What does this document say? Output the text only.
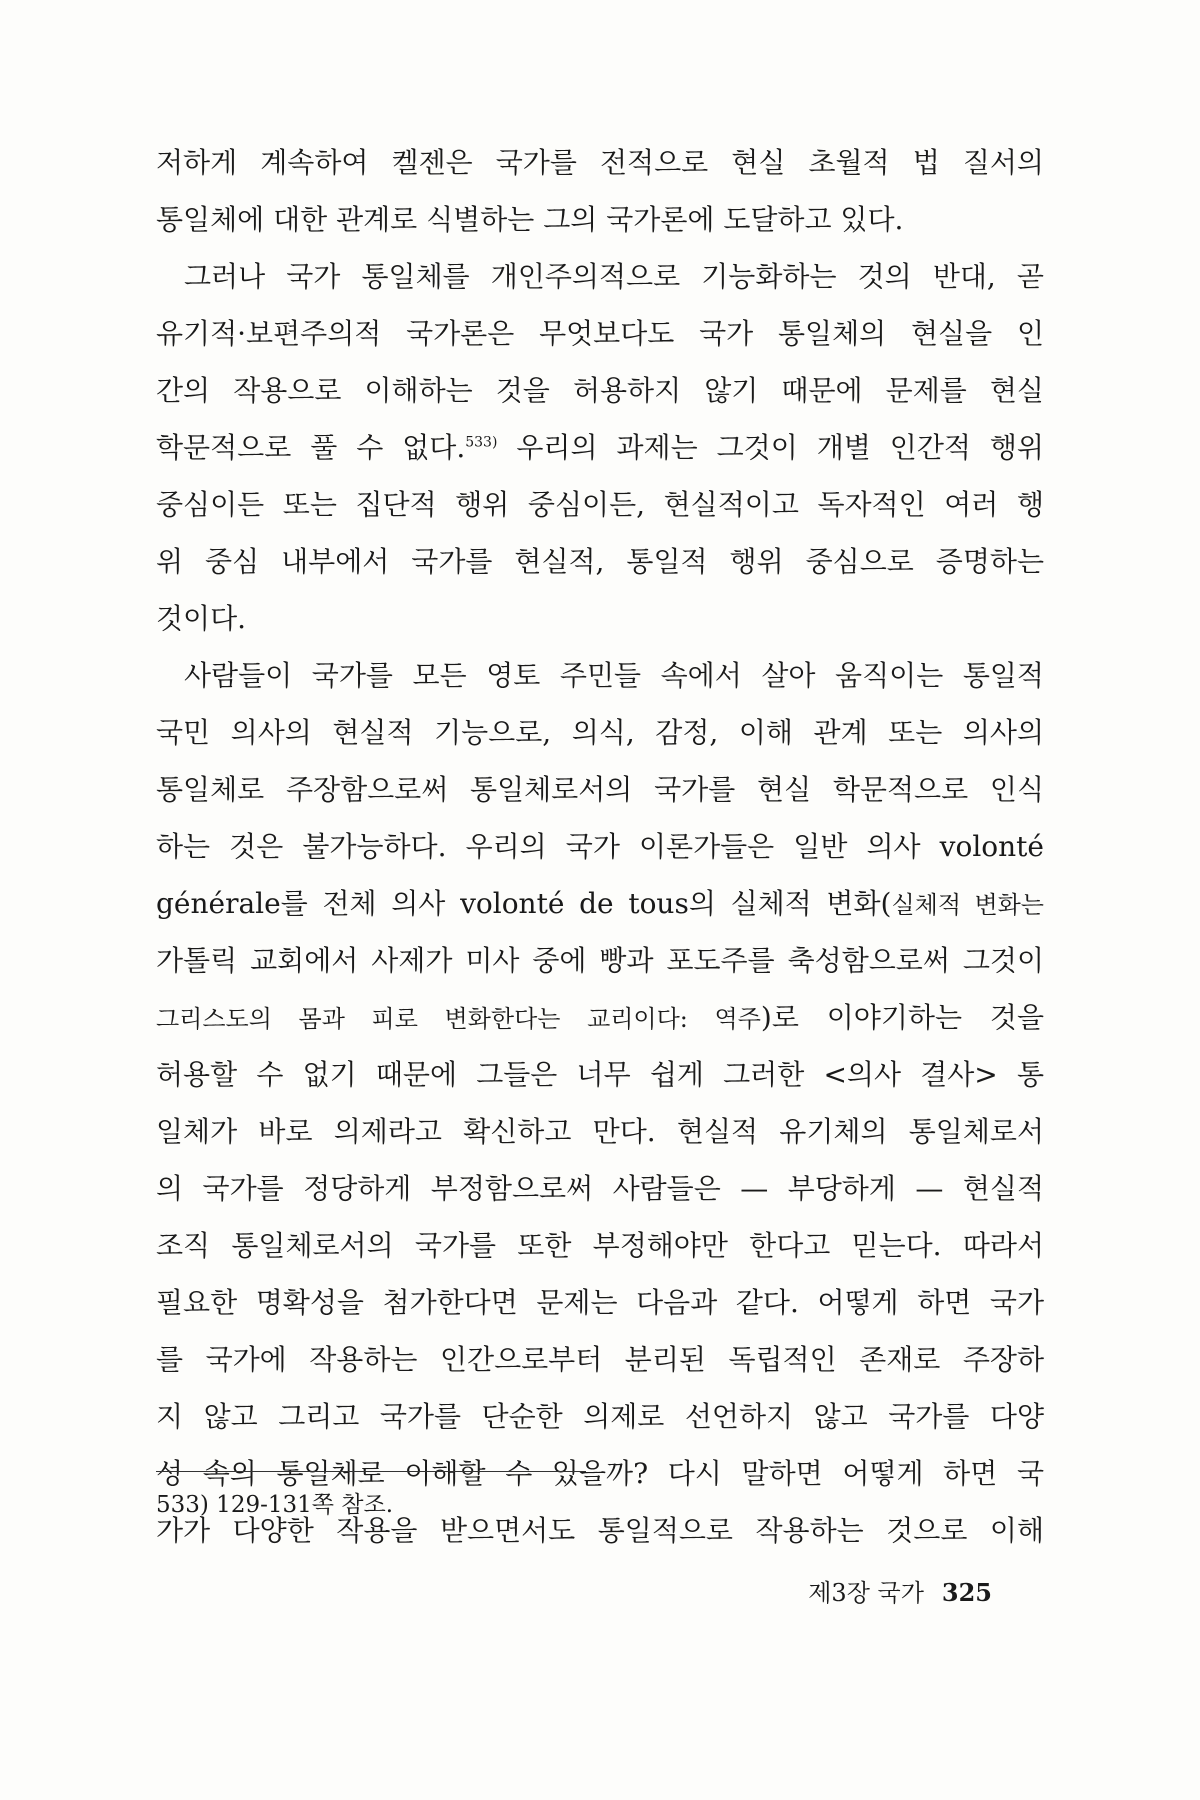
저하게 계속하여 켈젠은 국가를 전적으로 현실 초월적 법 질서의
통일체에 대한 관계로 식별하는 그의 국가론에 도달하고 있다.
그러나 국가 통일체를 개인주의적으로 기능화하는 것의 반대, 곧
유기적·보편주의적 국가론은 무엇보다도 국가 통일체의 현실을 인
간의 작용으로 이해하는 것을 허용하지 않기 때문에 문제를 현실
학문적으로 풀 수 없다.$^{533)}$ 우리의 과제는 그것이 개별 인간적 행위
중심이든 또는 집단적 행위 중심이든, 현실적이고 독자적인 여러 행
위 중심 내부에서 국가를 현실적, 통일적 행위 중심으로 증명하는
것이다.
사람들이 국가를 모든 영토 주민들 속에서 살아 움직이는 통일적
국민 의사의 현실적 기능으로, 의식, 감정, 이해 관계 또는 의사의
통일체로 주장함으로써 통일체로서의 국가를 현실 학문적으로 인식
하는 것은 불가능하다. 우리의 국가 이론가들은 일반 의사 volonté
générale를 전체 의사 volonté de tous의 실체적 변화(실체적 변화는
가톨릭 교회에서 사제가 미사 중에 빵과 포도주를 축성함으로써 그것이
그리스도의 몸과 피로 변화한다는 교리이다: 역주)로 이야기하는 것을
허용할 수 없기 때문에 그들은 너무 쉽게 그러한 <의사 결사> 통
일체가 바로 의제라고 확신하고 만다. 현실적 유기체의 통일체로서
의 국가를 정당하게 부정함으로써 사람들은 — 부당하게 — 현실적
조직 통일체로서의 국가를 또한 부정해야만 한다고 믿는다. 따라서
필요한 명확성을 첨가한다면 문제는 다음과 같다. 어떻게 하면 국가
를 국가에 작용하는 인간으로부터 분리된 독립적인 존재로 주장하
지 않고 그리고 국가를 단순한 의제로 선언하지 않고 국가를 다양
성 속의 통일체로 이해할 수 있을까? 다시 말하면 어떻게 하면 국
가가 다양한 작용을 받으면서도 통일적으로 작용하는 것으로 이해
533) 129-131쪽 참조.
제3장 국가 325
